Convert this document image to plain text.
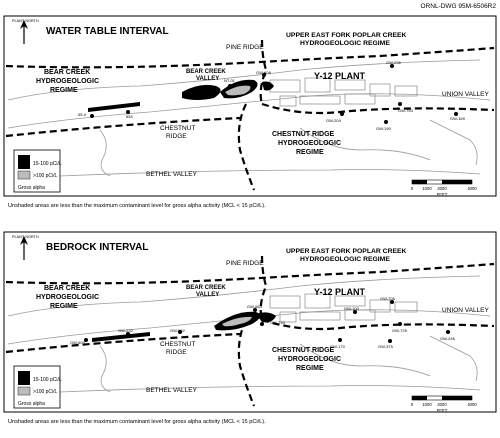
ORNL-DWG 95M-6506R2
PLANT NORTH
WATER TABLE INTERVAL
GW-109
GW-236
GW-753
GW-204
GW-190
GW-169
55-4	554
NT-01
PINE RIDGE
BEAR CREEK
HYDROGEOLOGIC
REGIME
BEAR CREEK
VALLEY
UPPER EAST FORK POPLAR CREEK
HYDROGEOLOGIC REGIME
Y-12 PLANT
UNION VALLEY
CHESTNUT
RIDGE	CHESTNUT RIDGE
HYDROGEOLOGIC
REGIME
BETHEL VALLEY
15-100 pCi/L
>100 pCi/L
Gross alpha	0 1000 2000	4000
FEET
Unshaded areas are less than the maximum contaminant level for gross alpha activity (MCL < 15 pCi/L).
PLANT NORTH
BEDROCK INTERVAL
GW-684
GW-706
GW-725
GW-100
GW-375
GW-246
GW-605
GW-232	GW-562
GW-733
GW-170
PINE RIDGE
BEAR CREEK
HYDROGEOLOGIC
REGIME
BEAR CREEK
VALLEY
UPPER EAST FORK POPLAR CREEK
HYDROGEOLOGIC REGIME
Y-12 PLANT
UNION VALLEY
CHESTNUT
RIDGE	CHESTNUT RIDGE
HYDROGEOLOGIC
REGIME
BETHEL VALLEY
15-100 pCi/L
>100 pCi/L
Gross alpha	0 1000 2000	4000
FEET
Unshaded areas are less than the maximum contaminant level for gross alpha activity (MCL < 15 pCi/L).
